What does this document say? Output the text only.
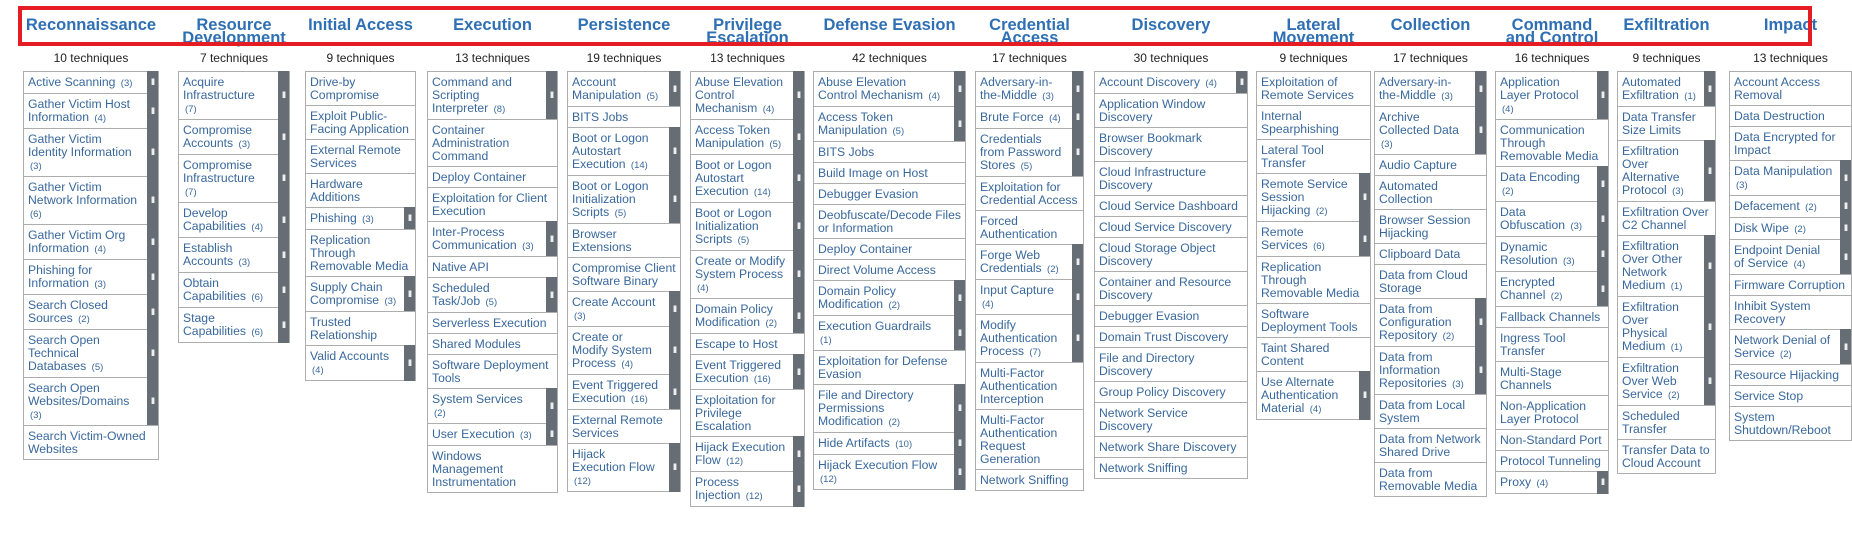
Reconnaissance
10 techniques
Active Scanning (3) ll
Gather Victim Host Information (4)
ll
Gather Victim Identity Information (3)
ll
Gather Victim Network Information (6)
ll
Gather Victim Org Information (4)
ll
Phishing for Information (3)
ll
Search Closed Sources (2)
ll
Search Open Technical Databases (5)
ll
Search Open Websites/Domains (3)
ll
Search Victim-Owned Websites
Resource Development
7 techniques
Acquire Infrastructure (7)
ll
Compromise Accounts (3)
ll
Compromise Infrastructure (7)
ll
Develop Capabilities (4)
ll
Establish Accounts (3)
ll
Obtain Capabilities (6)
ll
Stage Capabilities (6)
ll
Initial Access
9 techniques
Drive-by Compromise
Exploit Public-Facing Application
External Remote Services
Hardware Additions
Phishing (3)	ll
Replication Through Removable Media
Supply Chain Compromise (3)
ll
Trusted Relationship
Valid Accounts (4)
ll
Execution
13 techniques
Command and Scripting Interpreter (8)
ll
Container Administration Command
Deploy Container
Exploitation for Client Execution
Inter-Process Communication (3)
ll
Native API
Scheduled Task/Job (5)
ll
Serverless Execution
Shared Modules
Software Deployment Tools
System Services (2)
ll
User Execution (3) ll
Windows Management Instrumentation
Persistence
19 techniques
Account Manipulation (5)
ll
BITS Jobs
Boot or Logon Autostart Execution (14)
ll
Boot or Logon Initialization Scripts (5)
ll
Browser Extensions
Compromise Client Software Binary
Create Account (3)
ll
Create or Modify System Process (4)
ll
Event Triggered Execution (16)
ll
External Remote Services
Hijack Execution Flow (12)
ll
Privilege Escalation
13 techniques
Abuse Elevation Control Mechanism (4)
ll
Access Token Manipulation (5)
ll
Boot or Logon Autostart Execution (14)
ll
Boot or Logon Initialization Scripts (5)
ll
Create or Modify System Process (4)
ll
Domain Policy Modification (2)
ll
Escape to Host
Event Triggered Execution (16)
ll
Exploitation for Privilege Escalation
Hijack Execution Flow (12)
ll
Process Injection (12)
ll
Defense Evasion
42 techniques
Abuse Elevation Control Mechanism (4)
ll
Access Token Manipulation (5)
ll
BITS Jobs
Build Image on Host
Debugger Evasion
Deobfuscate/Decode Files or Information
Deploy Container
Direct Volume Access
Domain Policy Modification (2)
ll
Execution Guardrails (1)
ll
Exploitation for Defense Evasion
File and Directory Permissions Modification (2)
ll
Hide Artifacts (10)	ll
Hijack Execution Flow (12)
ll
Credential Access
17 techniques
Adversary-in-the-Middle (3)
ll
Brute Force (4) ll
Credentials from Password Stores (5)
ll
Exploitation for Credential Access
Forced Authentication
Forge Web Credentials (2)
ll
Input Capture (4)
ll
Modify Authentication Process (7)
ll
Multi-Factor Authentication Interception
Multi-Factor Authentication Request Generation
Network Sniffing
Discovery
30 techniques
Account Discovery (4)	ll
Application Window Discovery
Browser Bookmark Discovery
Cloud Infrastructure Discovery
Cloud Service Dashboard
Cloud Service Discovery
Cloud Storage Object Discovery
Container and Resource Discovery
Debugger Evasion
Domain Trust Discovery
File and Directory Discovery
Group Policy Discovery
Network Service Discovery
Network Share Discovery
Network Sniffing
Lateral Movement
9 techniques
Exploitation of Remote Services
Internal Spearphishing
Lateral Tool Transfer
Remote Service Session Hijacking (2)
ll
Remote Services (6)
ll
Replication Through Removable Media
Software Deployment Tools
Taint Shared Content
Use Alternate Authentication Material (4)
ll
Collection
17 techniques
Adversary-in-the-Middle (3)
ll
Archive Collected Data (3)
ll
Audio Capture
Automated Collection
Browser Session Hijacking
Clipboard Data
Data from Cloud Storage
Data from Configuration Repository (2)
ll
Data from Information Repositories (3)
ll
Data from Local System
Data from Network Shared Drive
Data from Removable Media
Command and Control
16 techniques
Application Layer Protocol (4)
ll
Communication Through Removable Media
Data Encoding (2)
ll
Data Obfuscation (3)
ll
Dynamic Resolution (3)
ll
Encrypted Channel (2)
ll
Fallback Channels
Ingress Tool Transfer
Multi-Stage Channels
Non-Application Layer Protocol
Non-Standard Port
Protocol Tunneling
Proxy (4)	ll
Exfiltration
9 techniques
Automated Exfiltration (1)
ll
Data Transfer Size Limits
Exfiltration Over Alternative Protocol (3)
ll
Exfiltration Over C2 Channel
Exfiltration Over Other Network Medium (1)
ll
Exfiltration Over Physical Medium (1)
ll
Exfiltration Over Web Service (2)
ll
Scheduled Transfer
Transfer Data to Cloud Account
Impact
13 techniques
Account Access Removal
Data Destruction
Data Encrypted for Impact
Data Manipulation (3)
ll
Defacement (2)	ll
Disk Wipe (2)	ll
Endpoint Denial of Service (4)
ll
Firmware Corruption
Inhibit System Recovery
Network Denial of Service (2)
ll
Resource Hijacking
Service Stop
System Shutdown/Reboot
